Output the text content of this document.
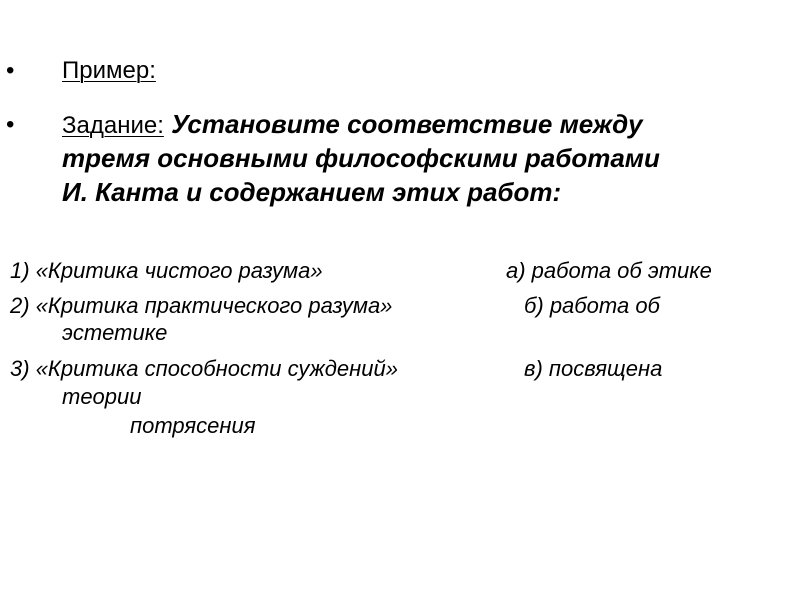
• Пример:
• Задание: Установите соответствие между
тремя основными философскими работами
И. Канта и содержанием этих работ:
1) «Критика чистого разума»	а) работа об этике
2) «Критика практического разума»	б) работа об
эстетике
3) «Критика способности суждений»	в) посвящена
теории
потрясения
